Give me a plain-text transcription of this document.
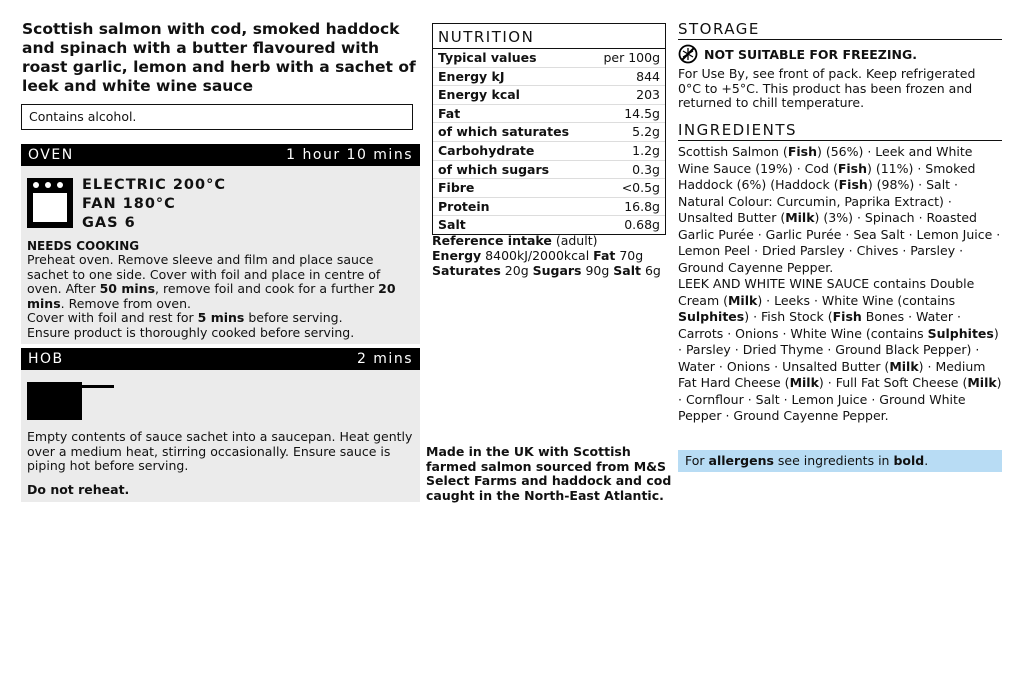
Scottish salmon with cod, smoked haddock and spinach with a butter flavoured with roast garlic, lemon and herb with a sachet of leek and white wine sauce
Contains alcohol.
OVEN	1 hour 10 mins
ELECTRIC 200°C
FAN 180°C
GAS 6
NEEDS COOKING
Preheat oven. Remove sleeve and film and place sauce sachet to one side. Cover with foil and place in centre of oven. After 50 mins, remove foil and cook for a further 20 mins. Remove from oven.
Cover with foil and rest for 5 mins before serving.
Ensure product is thoroughly cooked before serving.
HOB	2 mins
Empty contents of sauce sachet into a saucepan. Heat gently over a medium heat, stirring occasionally. Ensure sauce is piping hot before serving.
Do not reheat.
NUTRITION
Typical values	per 100g
Energy kJ	844
Energy kcal	203
Fat	14.5g
of which saturates	5.2g
Carbohydrate	1.2g
of which sugars	0.3g
Fibre	<0.5g
Protein	16.8g
Salt	0.68g
Reference intake (adult)
Energy 8400kJ/2000kcal Fat 70g
Saturates 20g Sugars 90g Salt 6g
Made in the UK with Scottish farmed salmon sourced from M&S Select Farms and haddock and cod caught in the North-East Atlantic.
STORAGE
NOT SUITABLE FOR FREEZING.
For Use By, see front of pack. Keep refrigerated 0°C to +5°C. This product has been frozen and returned to chill temperature.
INGREDIENTS
Scottish Salmon (Fish) (56%) · Leek and White Wine Sauce (19%) · Cod (Fish) (11%) · Smoked Haddock (6%) (Haddock (Fish) (98%) · Salt · Natural Colour: Curcumin, Paprika Extract) · Unsalted Butter (Milk) (3%) · Spinach · Roasted Garlic Purée · Garlic Purée · Sea Salt · Lemon Juice · Lemon Peel · Dried Parsley · Chives · Parsley · Ground Cayenne Pepper.
LEEK AND WHITE WINE SAUCE contains Double Cream (Milk) · Leeks · White Wine (contains Sulphites) · Fish Stock (Fish Bones · Water · Carrots · Onions · White Wine (contains Sulphites) · Parsley · Dried Thyme · Ground Black Pepper) · Water · Onions · Unsalted Butter (Milk) · Medium Fat Hard Cheese (Milk) · Full Fat Soft Cheese (Milk) · Cornflour · Salt · Lemon Juice · Ground White Pepper · Ground Cayenne Pepper.
For allergens see ingredients in bold.
